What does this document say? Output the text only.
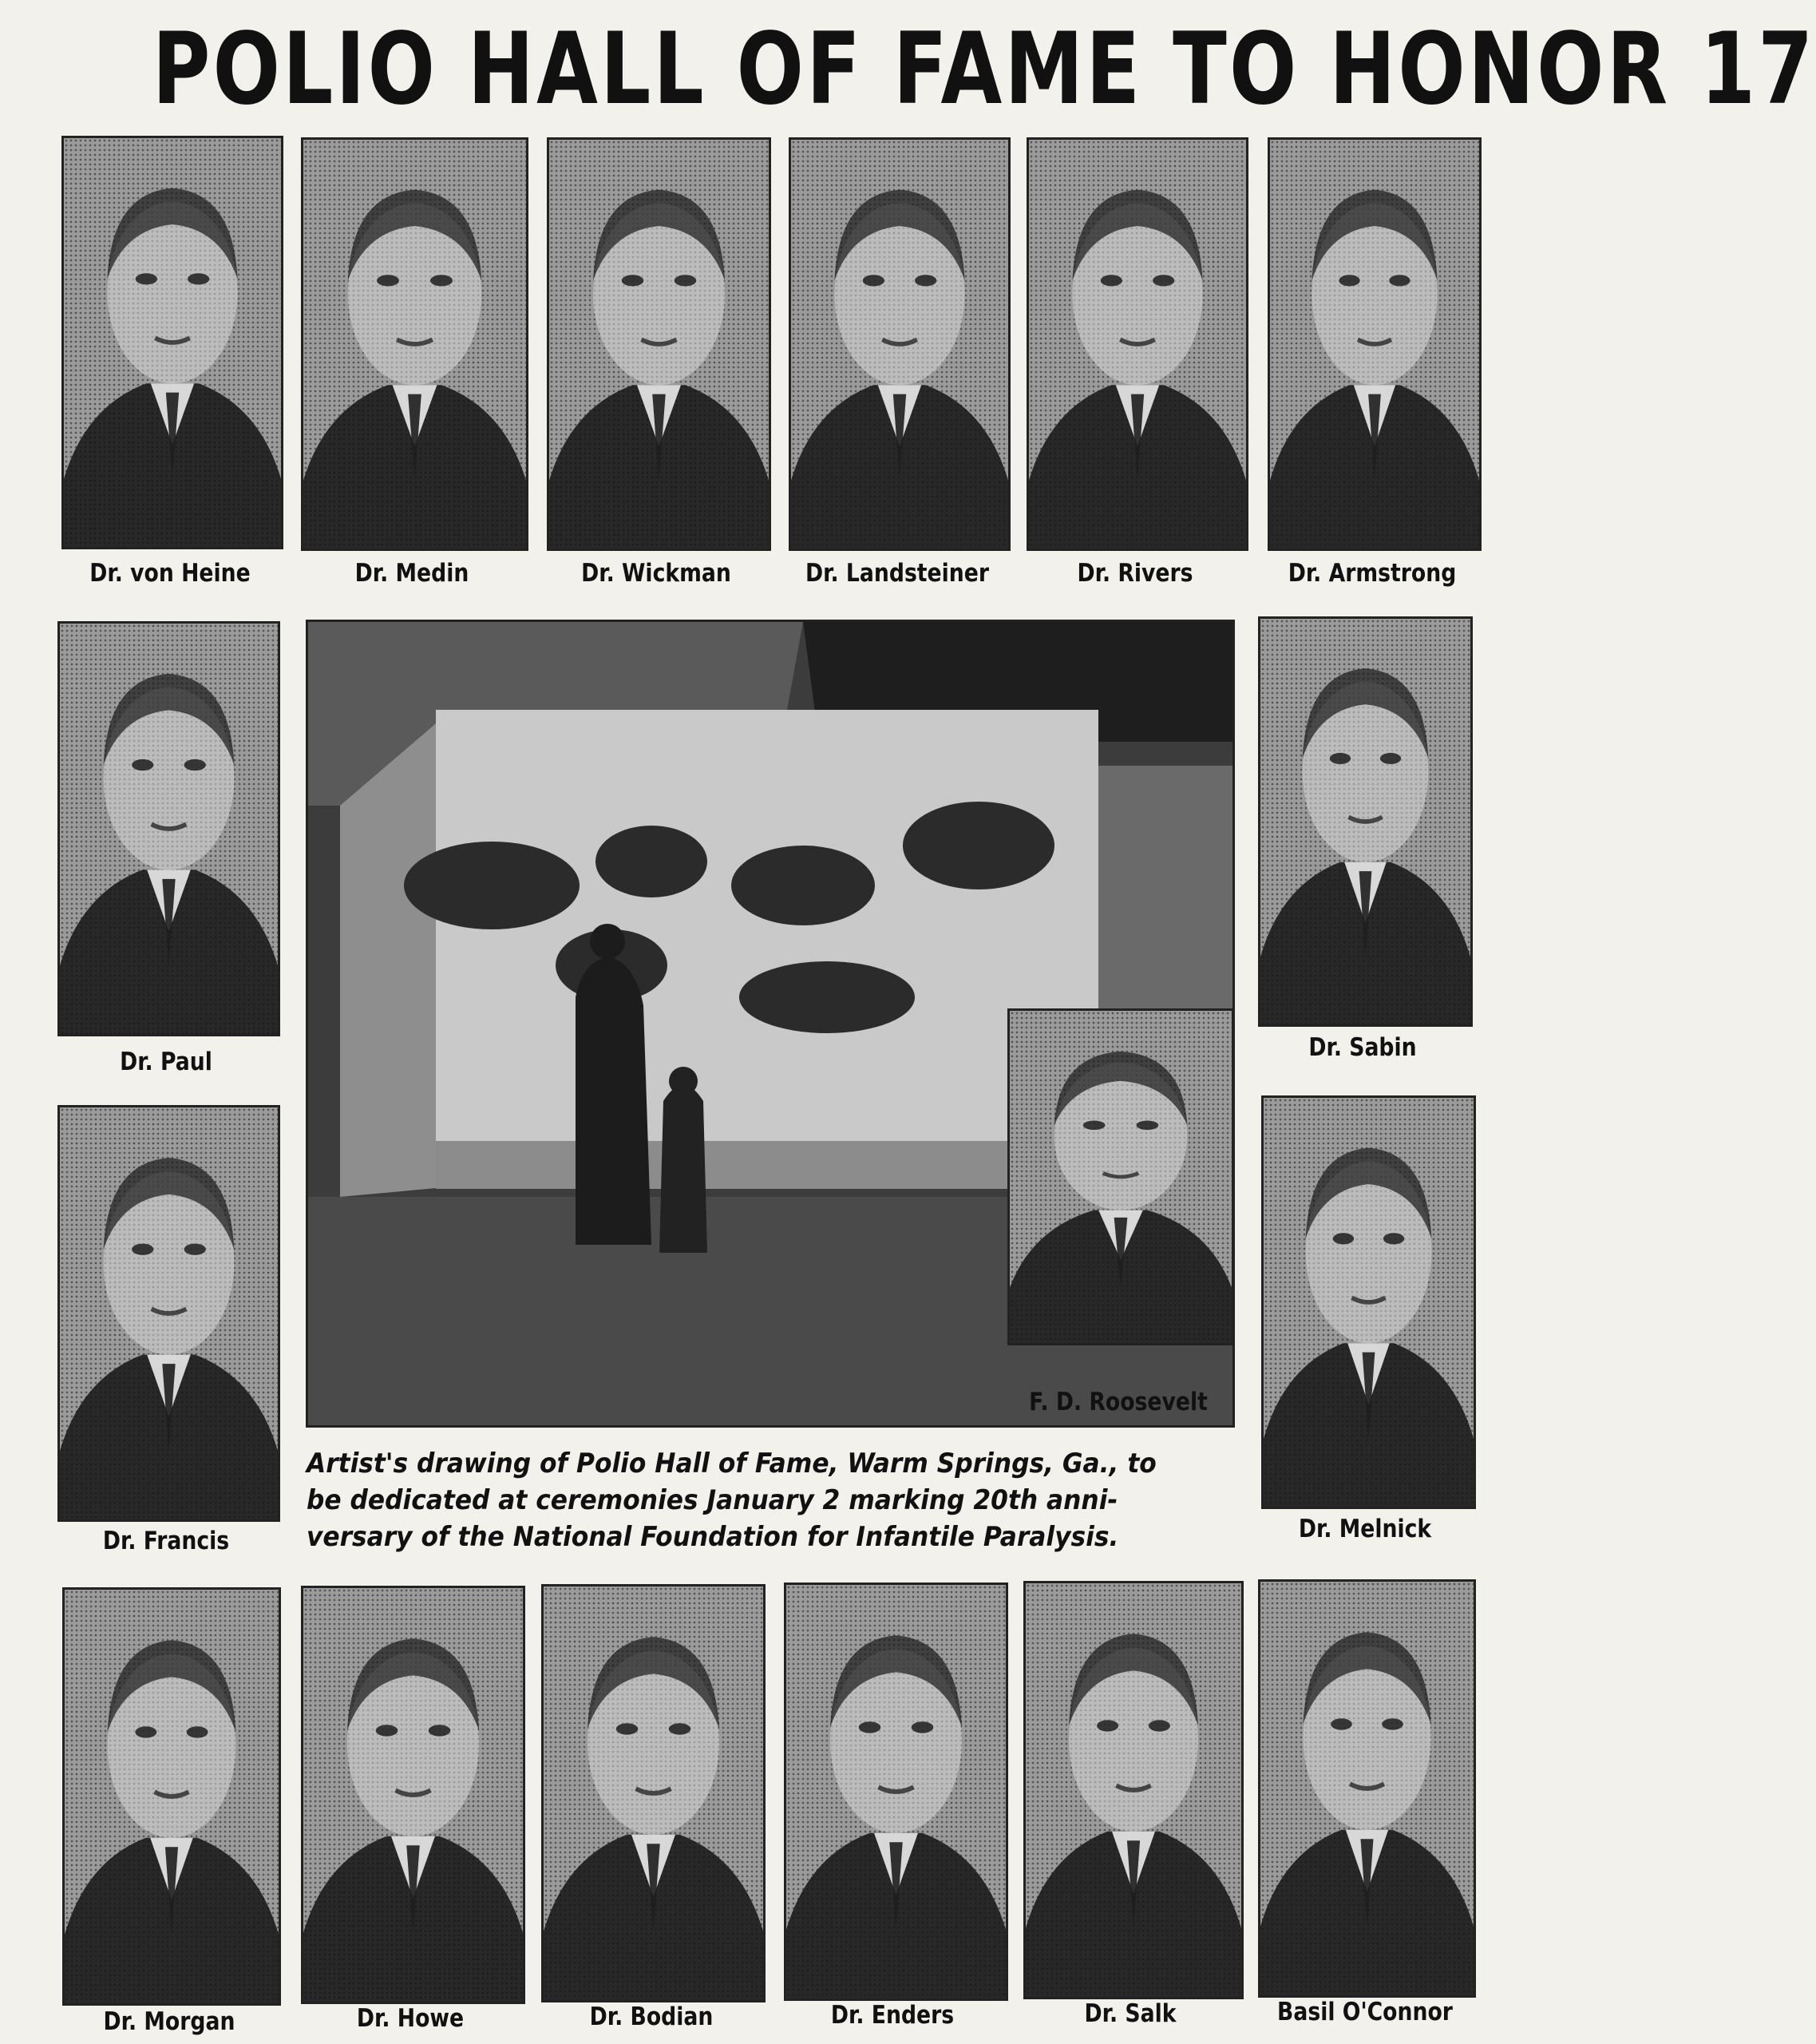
POLIO HALL OF FAME TO HONOR 17
Dr. von Heine	Dr. Medin	Dr. Wickman	Dr. Landsteiner	Dr. Rivers	Dr. Armstrong
Dr. Paul
Dr. Francis
Dr. Sabin
Dr. Melnick
F. D. Roosevelt
Artist's drawing of Polio Hall of Fame, Warm Springs, Ga., to
be dedicated at ceremonies January 2 marking 20th anni-
versary of the National Foundation for Infantile Paralysis.
Dr. Morgan	Dr. Howe	Dr. Bodian	Dr. Enders	Dr. Salk	Basil O'Connor
